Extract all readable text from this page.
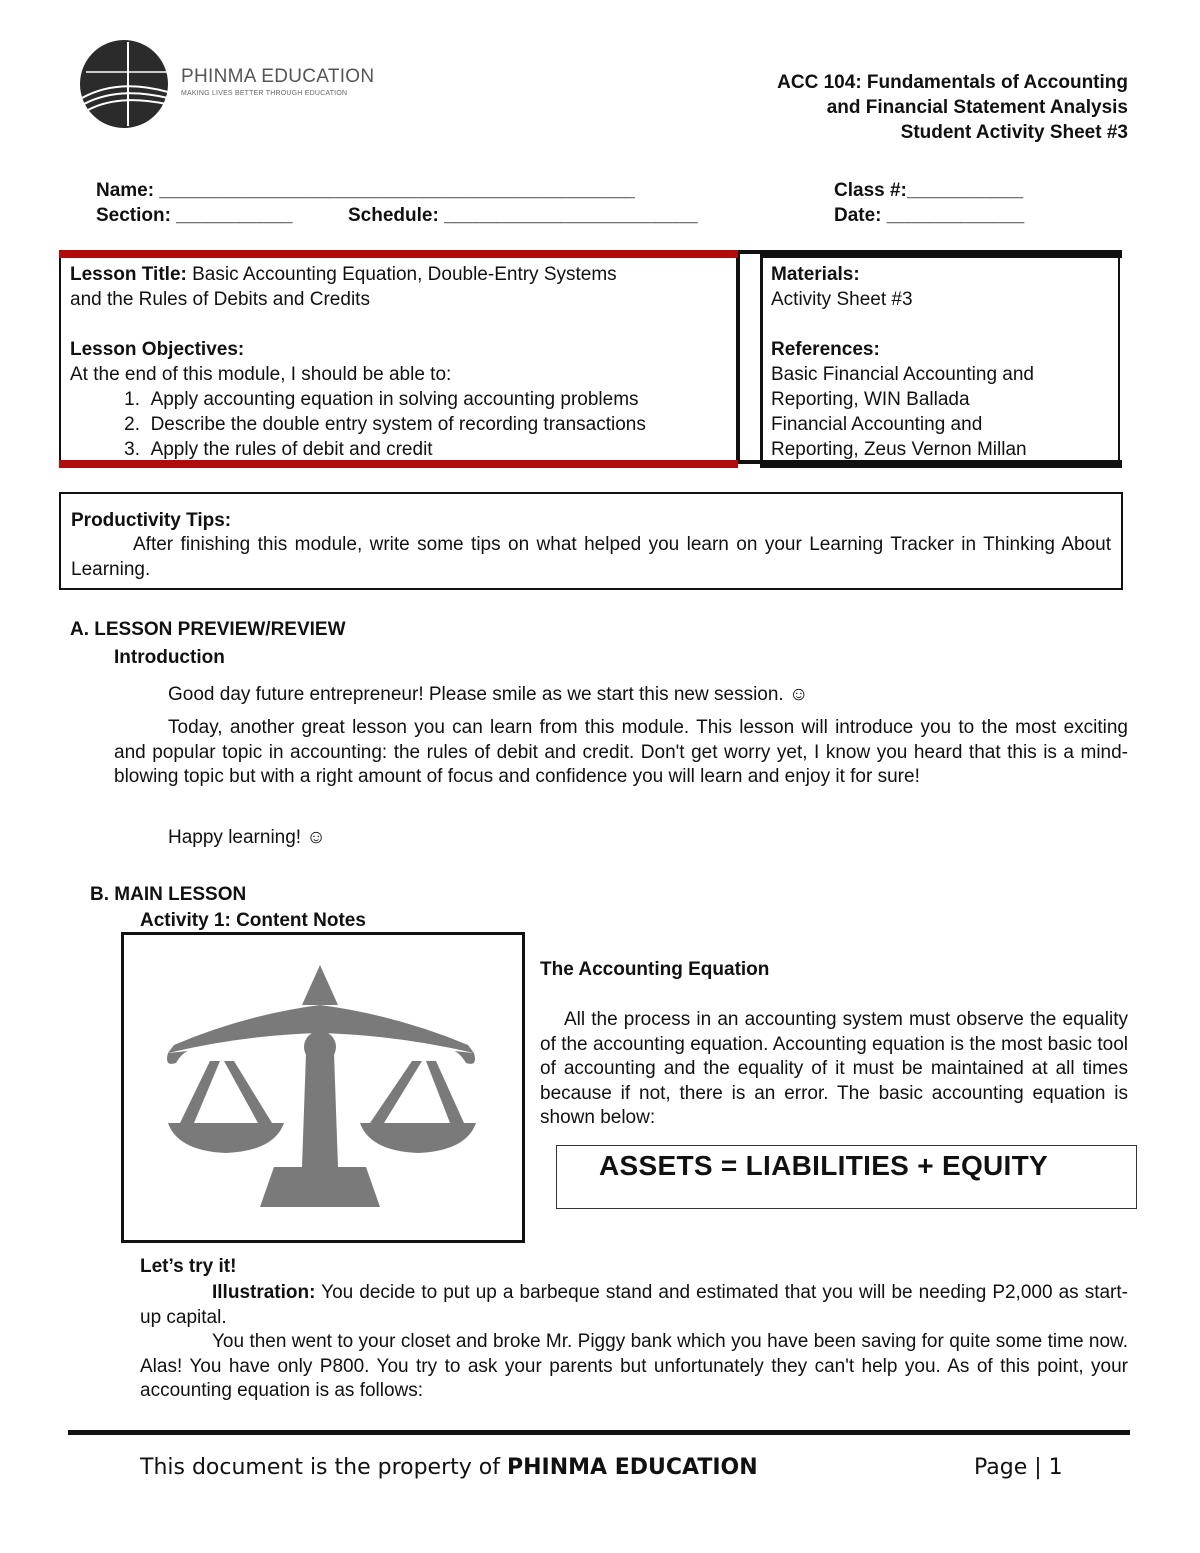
PHINMA EDUCATION
MAKING LIVES BETTER THROUGH EDUCATION
ACC 104: Fundamentals of Accounting
and Financial Statement Analysis
Student Activity Sheet #3
Name: _____________________________________________	Class #:___________
Section: ___________	Schedule: ________________________	Date: _____________
Lesson Title: Basic Accounting Equation, Double-Entry Systems
and the Rules of Debits and Credits
Lesson Objectives:
At the end of this module, I should be able to:
1. Apply accounting equation in solving accounting problems
2. Describe the double entry system of recording transactions
3. Apply the rules of debit and credit
Materials:
Activity Sheet #3
References:
Basic Financial Accounting and
Reporting, WIN Ballada
Financial Accounting and
Reporting, Zeus Vernon Millan
Productivity Tips:
After finishing this module, write some tips on what helped you learn on your Learning Tracker in Thinking About Learning.
A. LESSON PREVIEW/REVIEW
Introduction
Good day future entrepreneur! Please smile as we start this new session. ☺
Today, another great lesson you can learn from this module. This lesson will introduce you to the most exciting and popular topic in accounting: the rules of debit and credit. Don't get worry yet, I know you heard that this is a mind-blowing topic but with a right amount of focus and confidence you will learn and enjoy it for sure!
Happy learning! ☺
B. MAIN LESSON
Activity 1: Content Notes
The Accounting Equation
All the process in an accounting system must observe the equality of the accounting equation. Accounting equation is the most basic tool of accounting and the equality of it must be maintained at all times because if not, there is an error. The basic accounting equation is shown below:
ASSETS = LIABILITIES + EQUITY
Let’s try it!
Illustration: You decide to put up a barbeque stand and estimated that you will be needing P2,000 as start-up capital.
You then went to your closet and broke Mr. Piggy bank which you have been saving for quite some time now. Alas! You have only P800. You try to ask your parents but unfortunately they can't help you. As of this point, your accounting equation is as follows:
This document is the property of PHINMA EDUCATION	Page | 1
